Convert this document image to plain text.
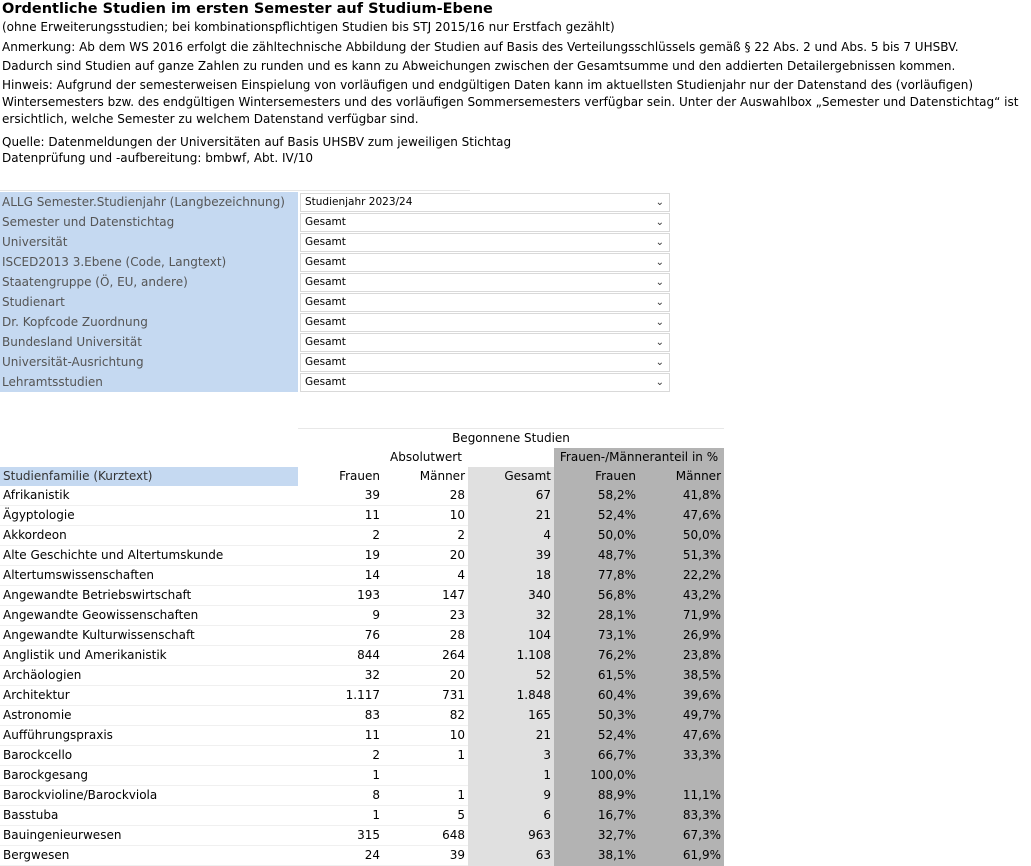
Ordentliche Studien im ersten Semester auf Studium-Ebene
(ohne Erweiterungsstudien; bei kombinationspflichtigen Studien bis STJ 2015/16 nur Erstfach gezählt)
Anmerkung: Ab dem WS 2016 erfolgt die zähltechnische Abbildung der Studien auf Basis des Verteilungsschlüssels gemäß § 22 Abs. 2 und Abs. 5 bis 7 UHSBV.
Dadurch sind Studien auf ganze Zahlen zu runden und es kann zu Abweichungen zwischen der Gesamtsumme und den addierten Detailergebnissen kommen.
Hinweis: Aufgrund der semesterweisen Einspielung von vorläufigen und endgültigen Daten kann im aktuellsten Studienjahr nur der Datenstand des (vorläufigen) Wintersemesters bzw. des endgültigen Wintersemesters und des vorläufigen Sommersemesters verfügbar sein. Unter der Auswahlbox „Semester und Datenstichtag“ ist ersichtlich, welche Semester zu welchem Datenstand verfügbar sind.
Quelle: Datenmeldungen der Universitäten auf Basis UHSBV zum jeweiligen Stichtag
Datenprüfung und -aufbereitung: bmbwf, Abt. IV/10
ALLG Semester.Studienjahr (Langbezeichnung)	Studienjahr 2023/24	⌄
Semester und Datenstichtag	Gesamt	⌄
Universität	Gesamt	⌄
ISCED2013 3.Ebene (Code, Langtext)	Gesamt	⌄
Staatengruppe (Ö, EU, andere)	Gesamt	⌄
Studienart	Gesamt	⌄
Dr. Kopfcode Zuordnung	Gesamt	⌄
Bundesland Universität	Gesamt	⌄
Universität-Ausrichtung	Gesamt	⌄
Lehramtsstudien	Gesamt	⌄
	Begonnene Studien				
	Absolutwert			Frauen-/Männeranteil in %	
Studienfamilie (Kurztext)	Frauen	Männer	Gesamt	Frauen	Männer
Afrikanistik	39	28	67	58,2%	41,8%
Ägyptologie	11	10	21	52,4%	47,6%
Akkordeon	2	2	4	50,0%	50,0%
Alte Geschichte und Altertumskunde	19	20	39	48,7%	51,3%
Altertumswissenschaften	14	4	18	77,8%	22,2%
Angewandte Betriebswirtschaft	193	147	340	56,8%	43,2%
Angewandte Geowissenschaften	9	23	32	28,1%	71,9%
Angewandte Kulturwissenschaft	76	28	104	73,1%	26,9%
Anglistik und Amerikanistik	844	264	1.108	76,2%	23,8%
Archäologien	32	20	52	61,5%	38,5%
Architektur	1.117	731	1.848	60,4%	39,6%
Astronomie	83	82	165	50,3%	49,7%
Aufführungspraxis	11	10	21	52,4%	47,6%
Barockcello	2	1	3	66,7%	33,3%
Barockgesang	1		1	100,0%	
Barockvioline/Barockviola	8	1	9	88,9%	11,1%
Basstuba	1	5	6	16,7%	83,3%
Bauingenieurwesen	315	648	963	32,7%	67,3%
Bergwesen	24	39	63	38,1%	61,9%
